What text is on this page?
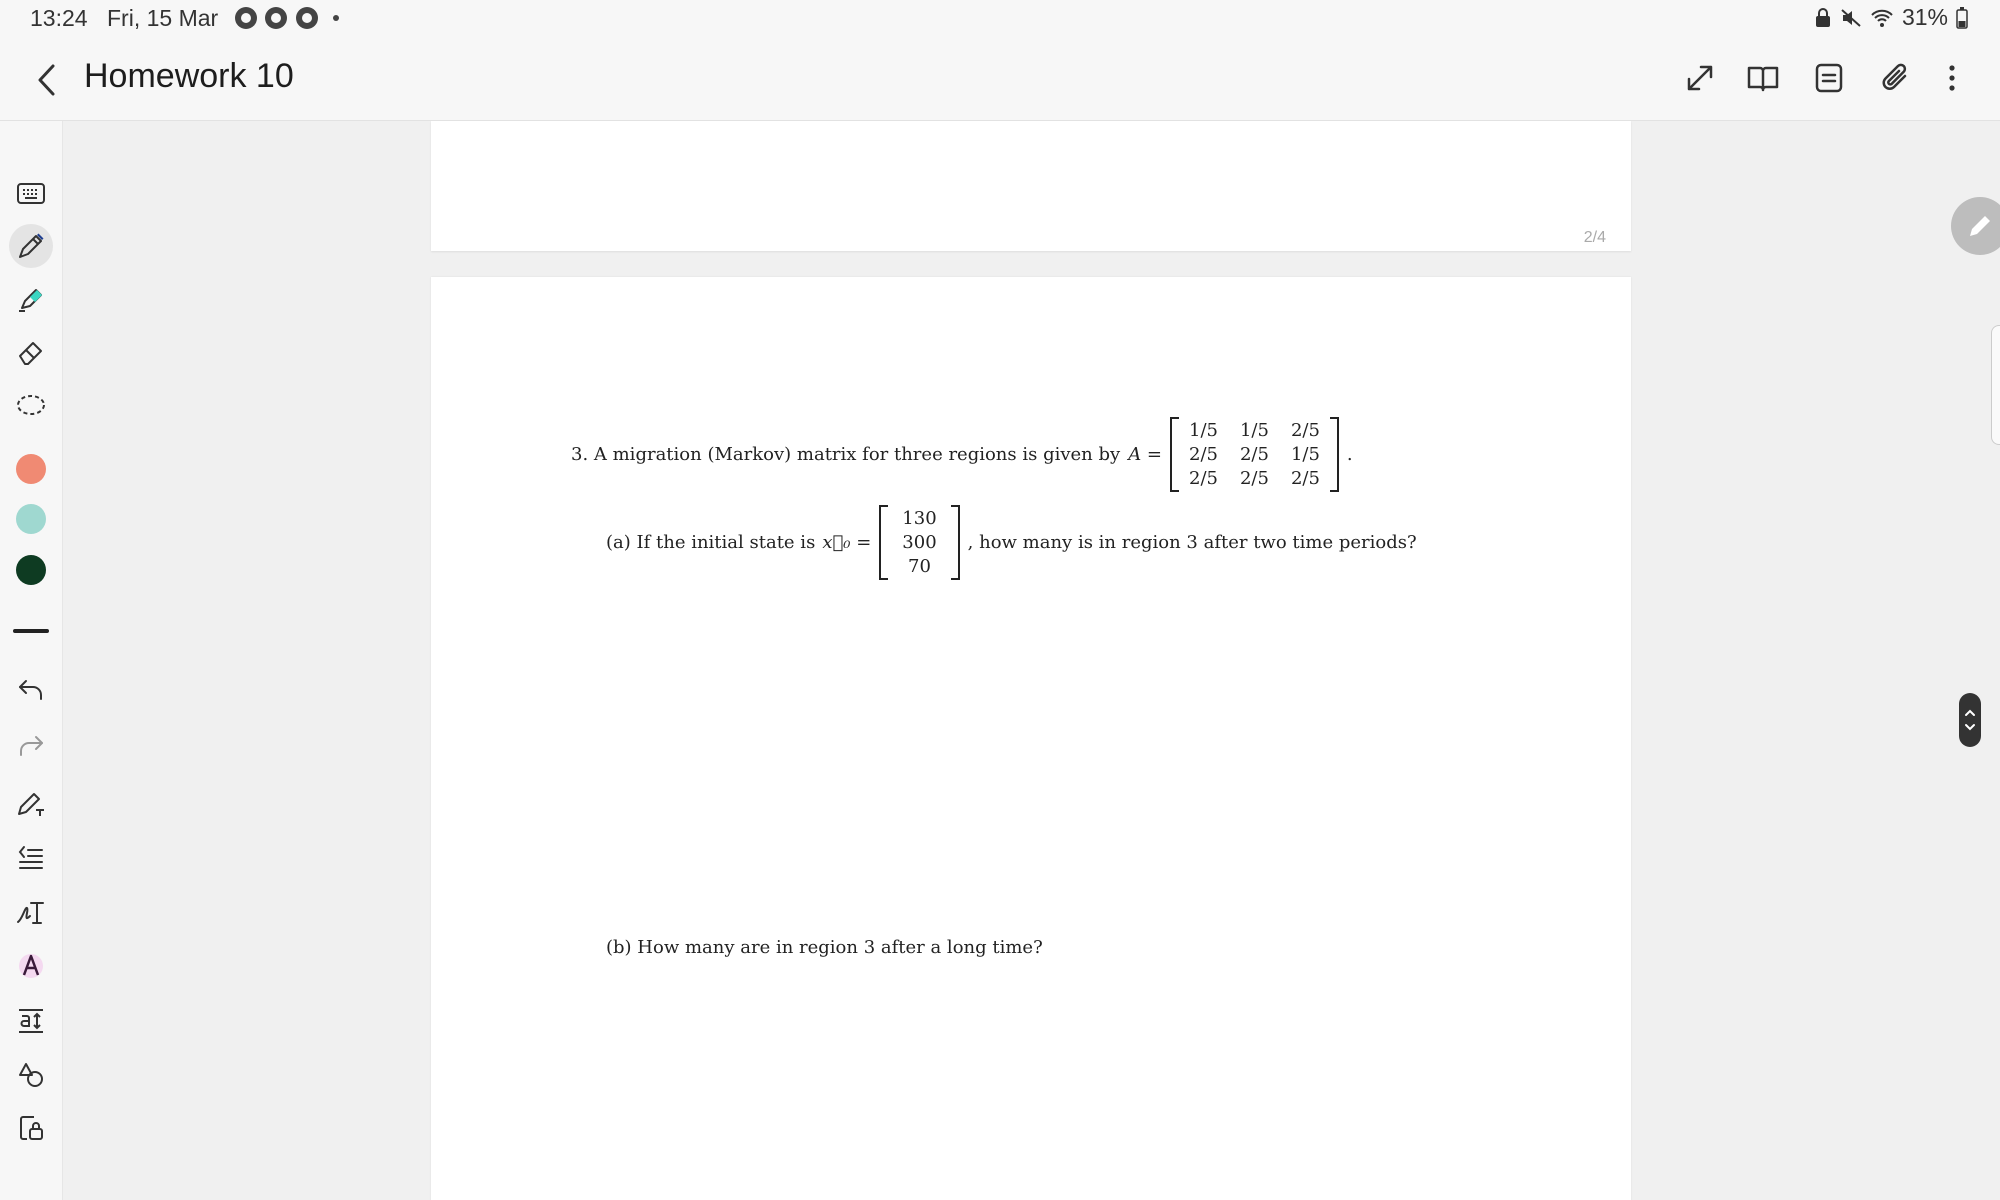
13:24 Fri, 15 Mar	31%
Homework 10
2/4
3. A migration (Markov) matrix for three regions is given by A =
1/5 1/5 2/5
2/5 2/5 1/5
2/5 2/5 2/5
.
(a) If the initial state is x⃗₀ =
130
300
70
, how many is in region 3 after two time periods?
(b) How many are in region 3 after a long time?
